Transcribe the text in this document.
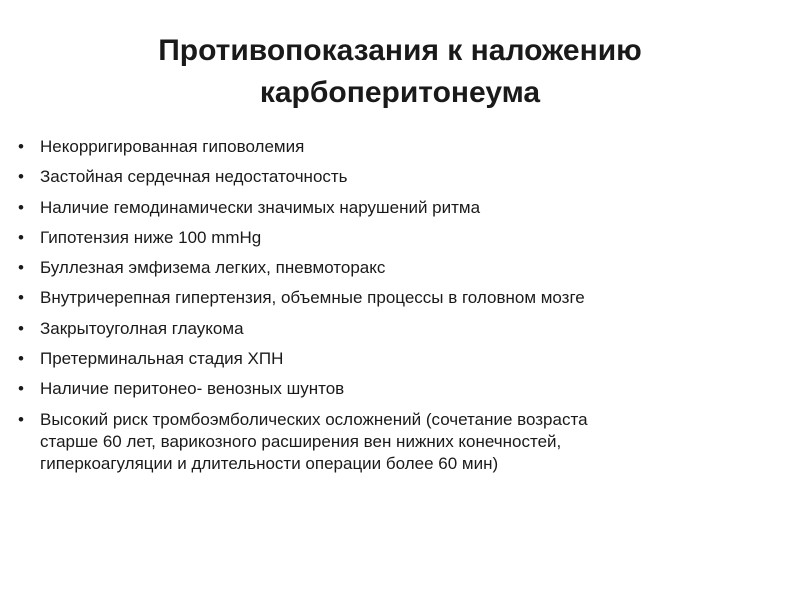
Противопоказания к наложению
карбоперитонеума
• Некорригированная гиповолемия
• Застойная сердечная недостаточность
• Наличие гемодинамически значимых нарушений ритма
• Гипотензия ниже 100 mmHg
• Буллезная эмфизема легких, пневмоторакс
• Внутричерепная гипертензия, объемные процессы в головном мозге
• Закрытоуголная глаукома
• Претерминальная стадия ХПН
• Наличие перитонео- венозных шунтов
• Высокий риск тромбоэмболических осложнений (сочетание возраста
старше 60 лет, варикозного расширения вен нижних конечностей,
гиперкоагуляции и длительности операции более 60 мин)
